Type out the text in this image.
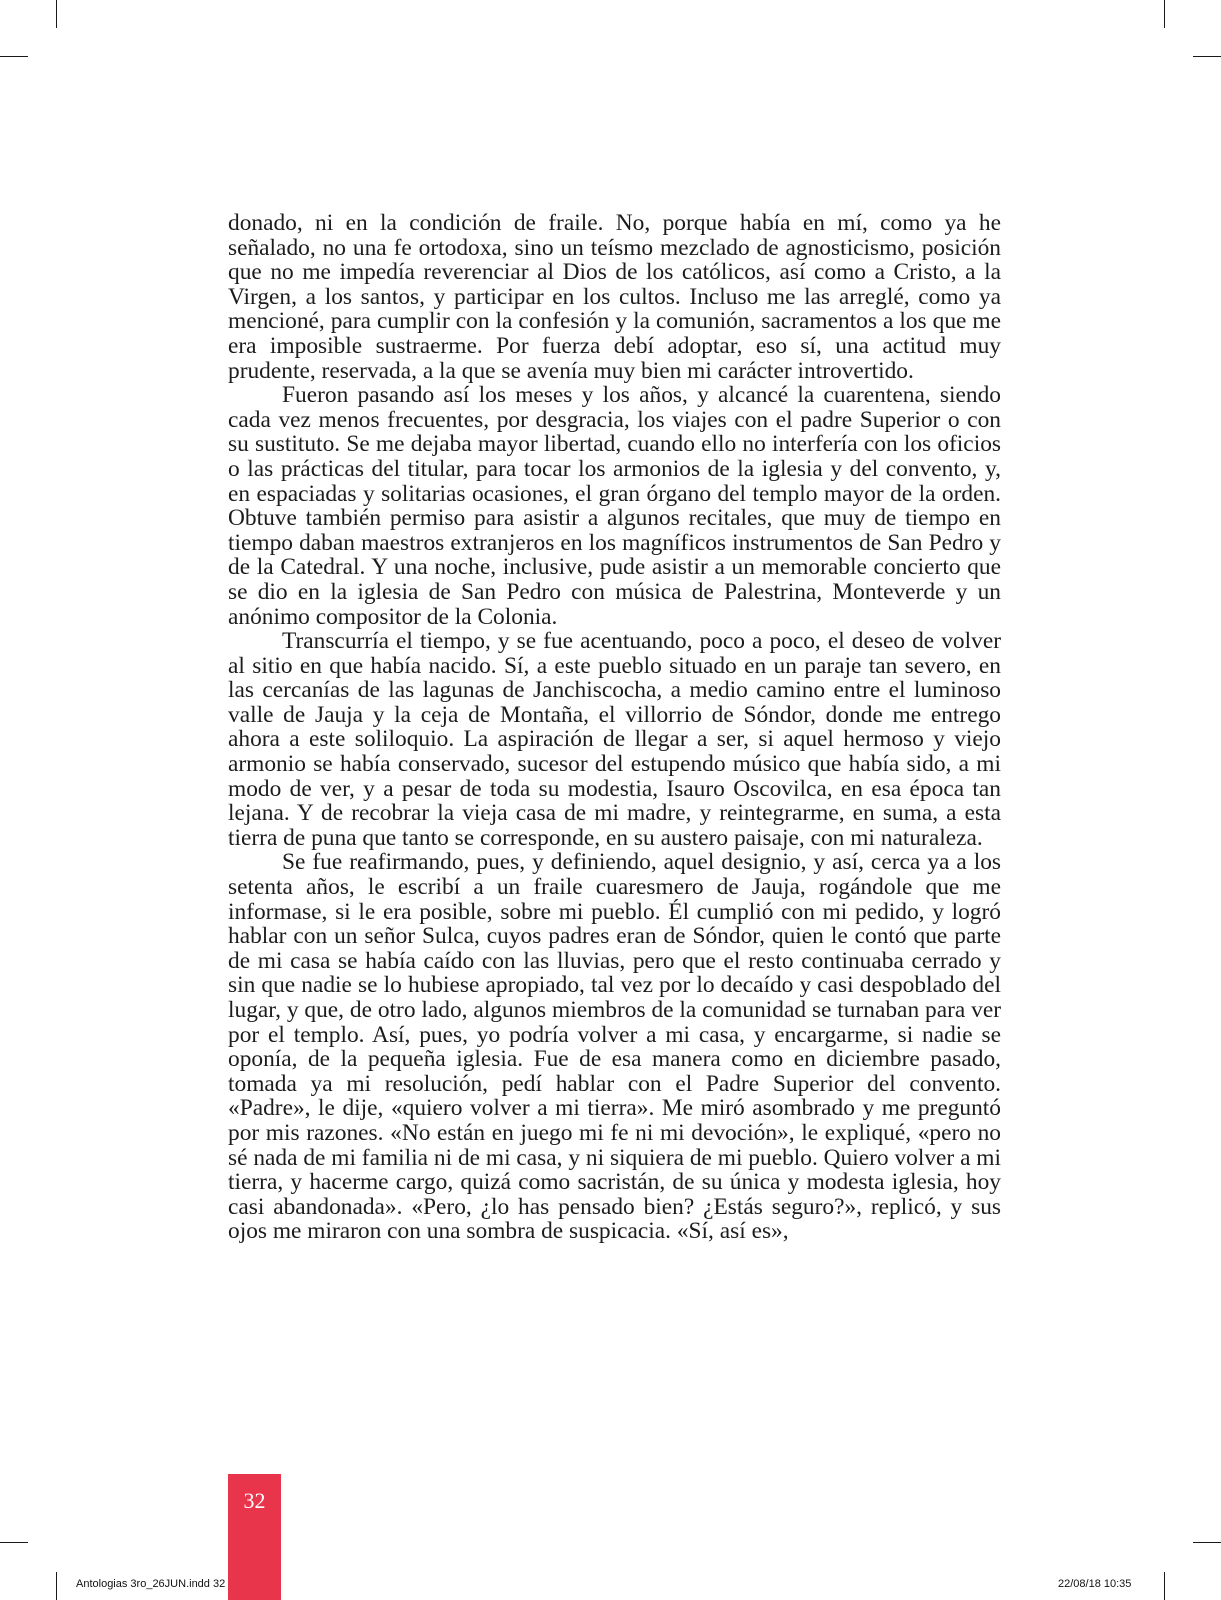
donado, ni en la condición de fraile. No, porque había en mí, como ya he señalado, no una fe ortodoxa, sino un teísmo mezclado de agnosticismo, posición que no me impedía reverenciar al Dios de los católicos, así como a Cristo, a la Virgen, a los santos, y participar en los cultos. Incluso me las arreglé, como ya mencioné, para cumplir con la confesión y la comunión, sacramentos a los que me era imposible sustraerme. Por fuerza debí adoptar, eso sí, una actitud muy prudente, reservada, a la que se avenía muy bien mi carácter introvertido.

Fueron pasando así los meses y los años, y alcancé la cuarentena, siendo cada vez menos frecuentes, por desgracia, los viajes con el padre Superior o con su sustituto. Se me dejaba mayor libertad, cuando ello no interfería con los oficios o las prácticas del titular, para tocar los armonios de la iglesia y del convento, y, en espaciadas y solitarias ocasiones, el gran órgano del templo mayor de la orden. Obtuve también permiso para asistir a algunos recitales, que muy de tiempo en tiempo daban maestros extranjeros en los magníficos instrumentos de San Pedro y de la Catedral. Y una noche, inclusive, pude asistir a un memorable concierto que se dio en la iglesia de San Pedro con música de Palestrina, Monteverde y un anónimo compositor de la Colonia.

Transcurría el tiempo, y se fue acentuando, poco a poco, el deseo de volver al sitio en que había nacido. Sí, a este pueblo situado en un paraje tan severo, en las cercanías de las lagunas de Janchiscocha, a medio camino entre el luminoso valle de Jauja y la ceja de Montaña, el villorrio de Sóndor, donde me entrego ahora a este soliloquio. La aspiración de llegar a ser, si aquel hermoso y viejo armonio se había conservado, sucesor del estupendo músico que había sido, a mi modo de ver, y a pesar de toda su modestia, Isauro Oscovilca, en esa época tan lejana. Y de recobrar la vieja casa de mi madre, y reintegrarme, en suma, a esta tierra de puna que tanto se corresponde, en su austero paisaje, con mi naturaleza.

Se fue reafirmando, pues, y definiendo, aquel designio, y así, cerca ya a los setenta años, le escribí a un fraile cuaresmero de Jauja, rogándole que me informase, si le era posible, sobre mi pueblo. Él cumplió con mi pedido, y logró hablar con un señor Sulca, cuyos padres eran de Sóndor, quien le contó que parte de mi casa se había caído con las lluvias, pero que el resto continuaba cerrado y sin que nadie se lo hubiese apropiado, tal vez por lo decaído y casi despoblado del lugar, y que, de otro lado, algunos miembros de la comunidad se turnaban para ver por el templo. Así, pues, yo podría volver a mi casa, y encargarme, si nadie se oponía, de la pequeña iglesia. Fue de esa manera como en diciembre pasado, tomada ya mi resolución, pedí hablar con el Padre Superior del convento. «Padre», le dije, «quiero volver a mi tierra». Me miró asombrado y me preguntó por mis razones. «No están en juego mi fe ni mi devoción», le expliqué, «pero no sé nada de mi familia ni de mi casa, y ni siquiera de mi pueblo. Quiero volver a mi tierra, y hacerme cargo, quizá como sacristán, de su única y modesta iglesia, hoy casi abandonada». «Pero, ¿lo has pensado bien? ¿Estás seguro?», replicó, y sus ojos me miraron con una sombra de suspicacia. «Sí, así es»,

32
Antologias 3ro_26JUN.indd 32	22/08/18 10:35
